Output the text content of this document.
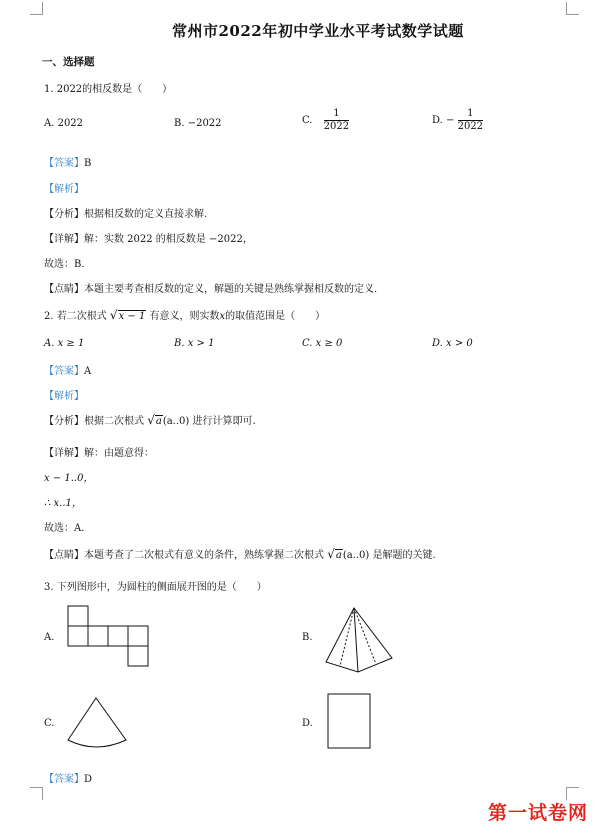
常州市2022年初中学业水平考试数学试题
一、选择题
1. 2022的相反数是（　　）
A. 2022	B. −2022	C. $\frac{1}{2022}$	D. − $\frac{1}{2022}$
【答案】B
【解析】
【分析】根据相反数的定义直接求解.
【详解】解：实数 2022 的相反数是 −2022，
故选：B．
【点睛】本题主要考查相反数的定义，解题的关键是熟练掌握相反数的定义.
2. 若二次根式 √x − 1 有意义，则实数x的取值范围是（　　）
A. x ≥ 1	B. x > 1	C. x ≥ 0	D. x > 0
【答案】A
【解析】
【分析】根据二次根式 √a(a..0) 进行计算即可.
【详解】解：由题意得：
x − 1..0，
∴ x..1，
故选：A．
【点睛】本题考查了二次根式有意义的条件，熟练掌握二次根式 √a(a..0) 是解题的关键.
3. 下列图形中，为圆柱的侧面展开图的是（　　）
A.	B.
C.	D.
【答案】D
第一试卷网
